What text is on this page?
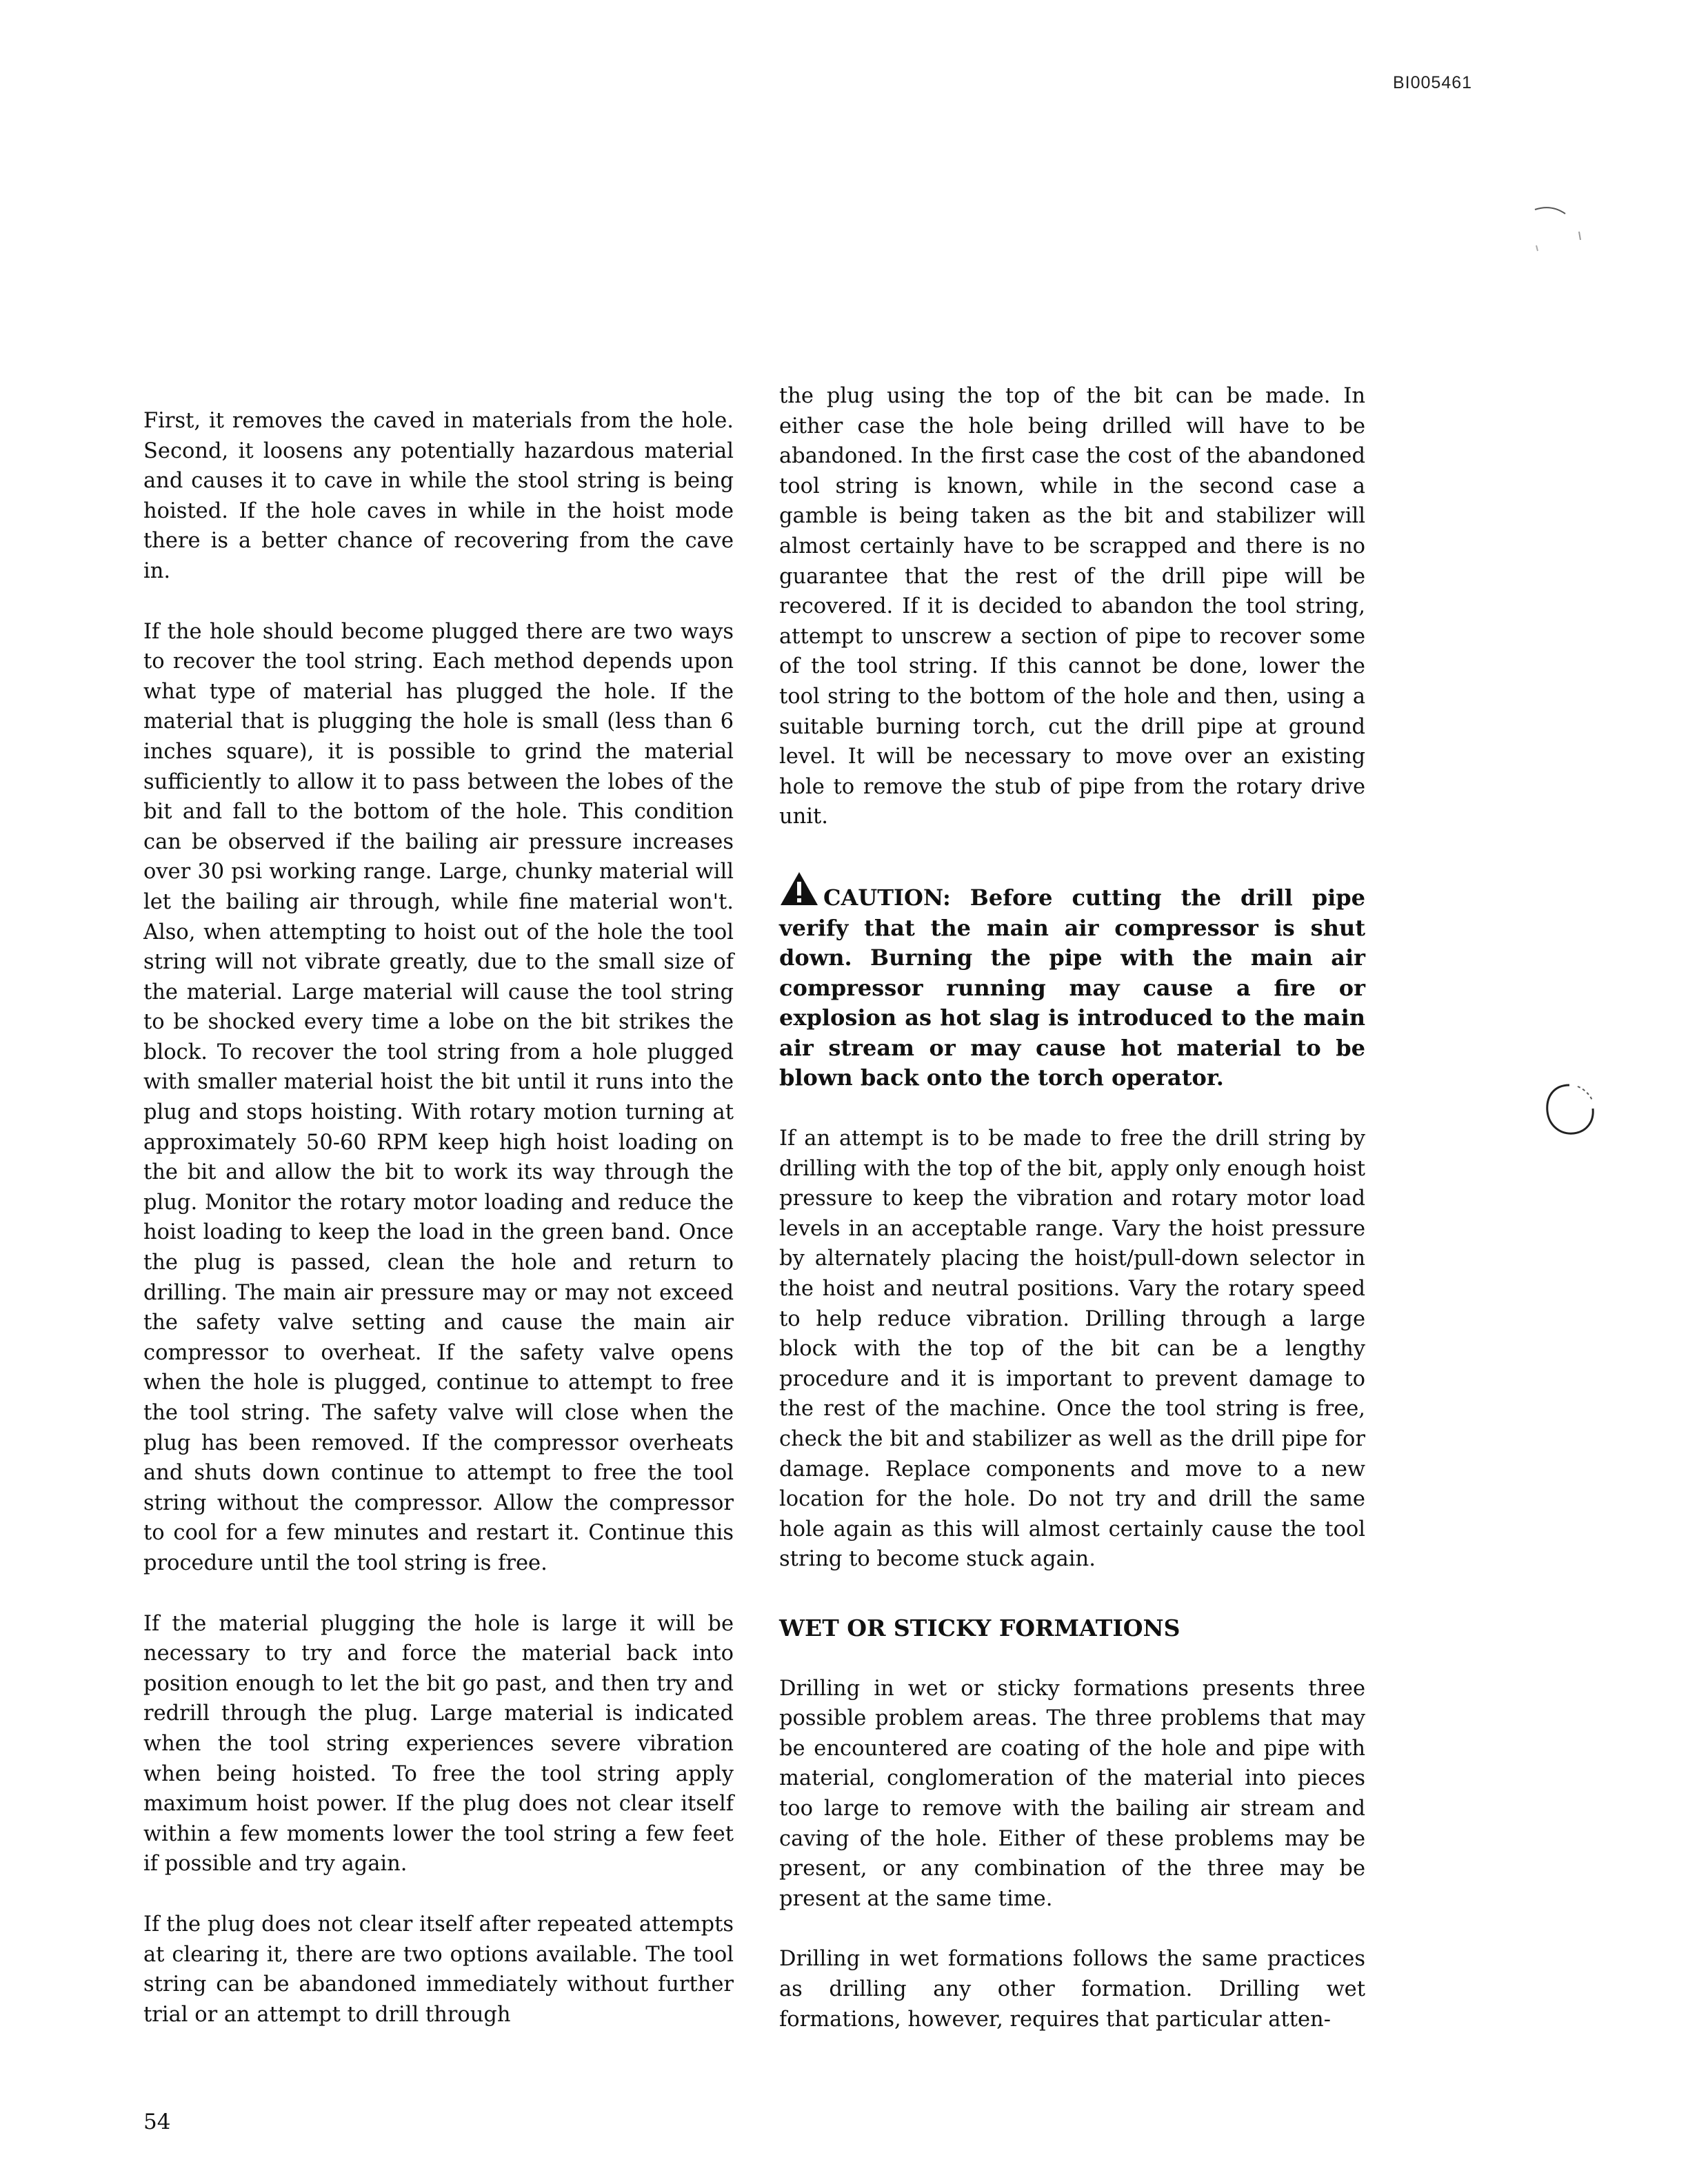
BI005461

First, it removes the caved in materials from the hole. Second, it loosens any potentially hazardous material and causes it to cave in while the stool string is being hoisted. If the hole caves in while in the hoist mode there is a better chance of recovering from the cave in.

If the hole should become plugged there are two ways to recover the tool string. Each method depends upon what type of material has plugged the hole. If the material that is plugging the hole is small (less than 6 inches square), it is possible to grind the material sufficiently to allow it to pass between the lobes of the bit and fall to the bottom of the hole. This condition can be observed if the bailing air pressure increases over 30 psi working range. Large, chunky material will let the bailing air through, while fine material won't. Also, when attempting to hoist out of the hole the tool string will not vibrate greatly, due to the small size of the material. Large material will cause the tool string to be shocked every time a lobe on the bit strikes the block. To recover the tool string from a hole plugged with smaller material hoist the bit until it runs into the plug and stops hoisting. With rotary motion turning at approximately 50-60 RPM keep high hoist loading on the bit and allow the bit to work its way through the plug. Monitor the rotary motor loading and reduce the hoist loading to keep the load in the green band. Once the plug is passed, clean the hole and return to drilling. The main air pressure may or may not exceed the safety valve setting and cause the main air compressor to overheat. If the safety valve opens when the hole is plugged, continue to attempt to free the tool string. The safety valve will close when the plug has been removed. If the compressor overheats and shuts down continue to attempt to free the tool string without the compressor. Allow the compressor to cool for a few minutes and restart it. Continue this procedure until the tool string is free.

If the material plugging the hole is large it will be necessary to try and force the material back into position enough to let the bit go past, and then try and redrill through the plug. Large material is indicated when the tool string experiences severe vibration when being hoisted. To free the tool string apply maximum hoist power. If the plug does not clear itself within a few moments lower the tool string a few feet if possible and try again.

If the plug does not clear itself after repeated attempts at clearing it, there are two options available. The tool string can be abandoned immediately without further trial or an attempt to drill through

the plug using the top of the bit can be made. In either case the hole being drilled will have to be abandoned. In the first case the cost of the abandoned tool string is known, while in the second case a gamble is being taken as the bit and stabilizer will almost certainly have to be scrapped and there is no guarantee that the rest of the drill pipe will be recovered. If it is decided to abandon the tool string, attempt to unscrew a section of pipe to recover some of the tool string. If this cannot be done, lower the tool string to the bottom of the hole and then, using a suitable burning torch, cut the drill pipe at ground level. It will be necessary to move over an existing hole to remove the stub of pipe from the rotary drive unit.

CAUTION: Before cutting the drill pipe verify that the main air compressor is shut down. Burning the pipe with the main air compressor running may cause a fire or explosion as hot slag is introduced to the main air stream or may cause hot material to be blown back onto the torch operator.

If an attempt is to be made to free the drill string by drilling with the top of the bit, apply only enough hoist pressure to keep the vibration and rotary motor load levels in an acceptable range. Vary the hoist pressure by alternately placing the hoist/pull-down selector in the hoist and neutral positions. Vary the rotary speed to help reduce vibration. Drilling through a large block with the top of the bit can be a lengthy procedure and it is important to prevent damage to the rest of the machine. Once the tool string is free, check the bit and stabilizer as well as the drill pipe for damage. Replace components and move to a new location for the hole. Do not try and drill the same hole again as this will almost certainly cause the tool string to become stuck again.

WET OR STICKY FORMATIONS

Drilling in wet or sticky formations presents three possible problem areas. The three problems that may be encountered are coating of the hole and pipe with material, conglomeration of the material into pieces too large to remove with the bailing air stream and caving of the hole. Either of these problems may be present, or any combination of the three may be present at the same time.

Drilling in wet formations follows the same practices as drilling any other formation. Drilling wet formations, however, requires that particular atten-

54
